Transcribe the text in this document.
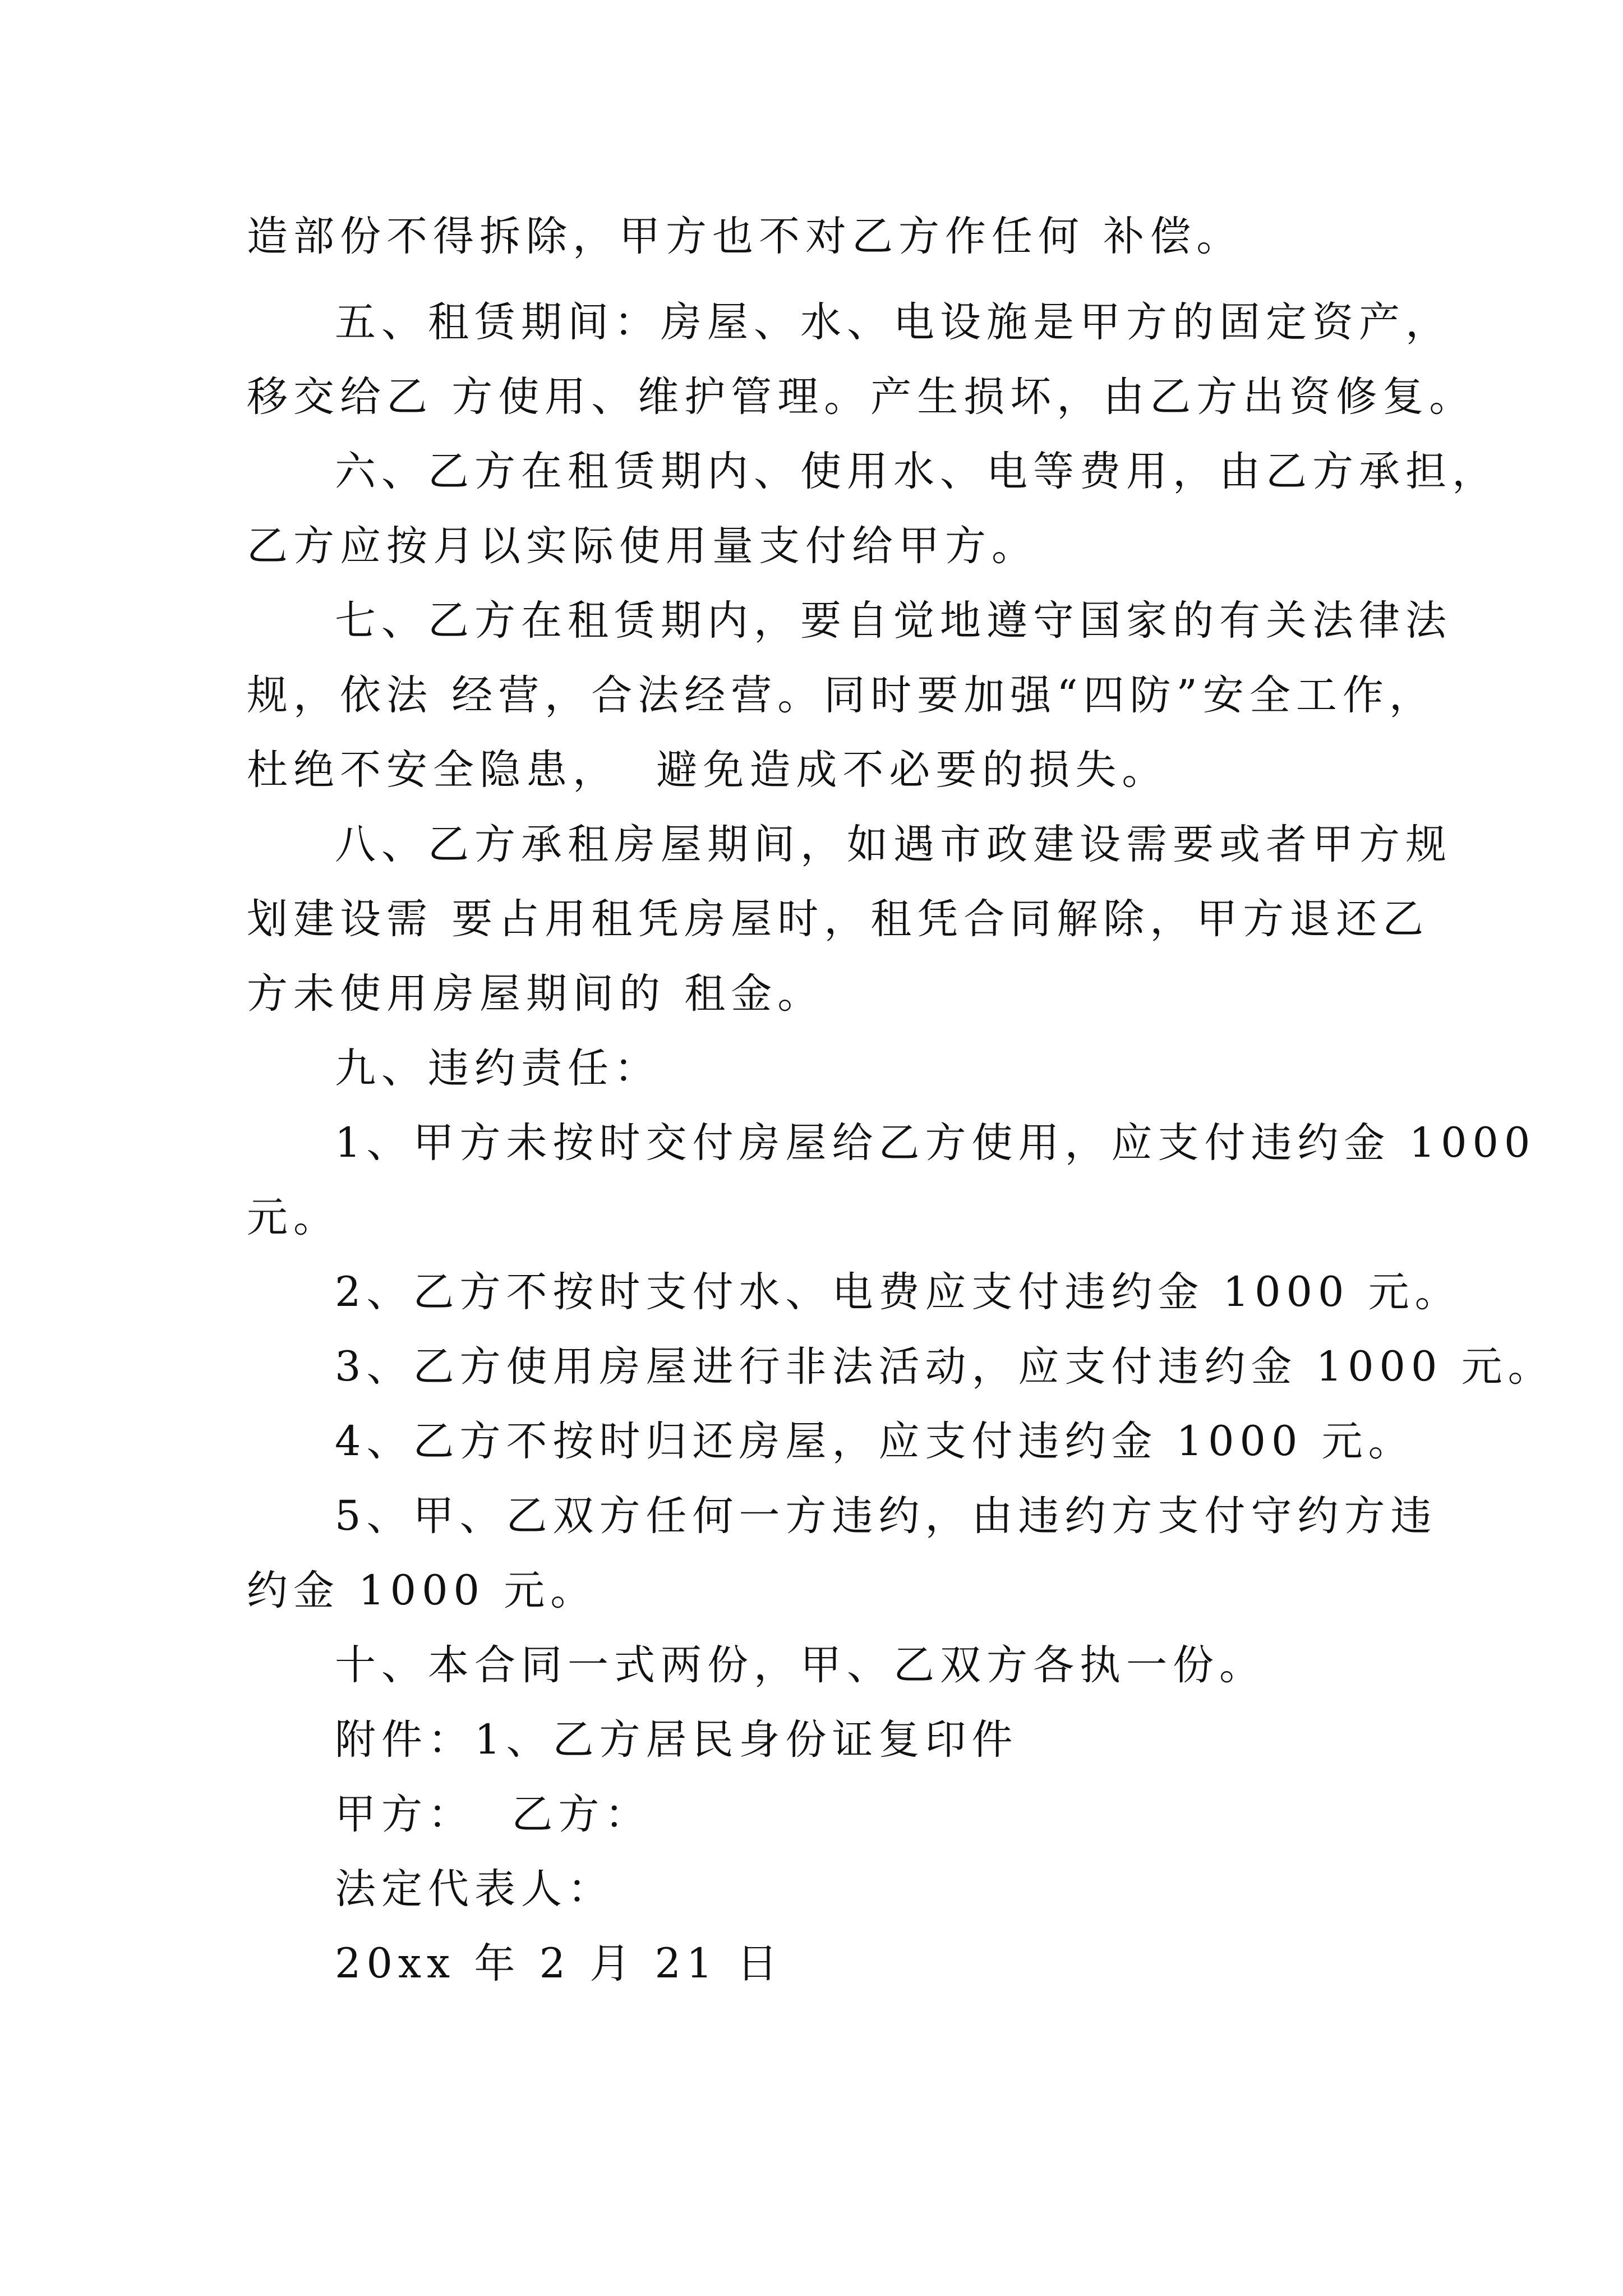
造部份不得拆除，甲方也不对乙方作任何 补偿。
五、租赁期间：房屋、水、电设施是甲方的固定资产，
移交给乙 方使用、维护管理。产生损坏，由乙方出资修复。
六、乙方在租赁期内、使用水、电等费用，由乙方承担，
乙方应按月以实际使用量支付给甲方。
七、乙方在租赁期内，要自觉地遵守国家的有关法律法
规，依法 经营，合法经营。同时要加强“四防”安全工作，
杜绝不安全隐患，  避免造成不必要的损失。
八、乙方承租房屋期间，如遇市政建设需要或者甲方规
划建设需 要占用租凭房屋时，租凭合同解除，甲方退还乙
方未使用房屋期间的 租金。
九、违约责任：
1、甲方未按时交付房屋给乙方使用，应支付违约金 1000
元。
2、乙方不按时支付水、电费应支付违约金 1000 元。
3、乙方使用房屋进行非法活动，应支付违约金 1000 元。
4、乙方不按时归还房屋，应支付违约金 1000 元。
5、甲、乙双方任何一方违约，由违约方支付守约方违
约金 1000 元。
十、本合同一式两份，甲、乙双方各执一份。
附件：1、乙方居民身份证复印件
甲方：  乙方：
法定代表人：
20xx 年 2 月 21 日
